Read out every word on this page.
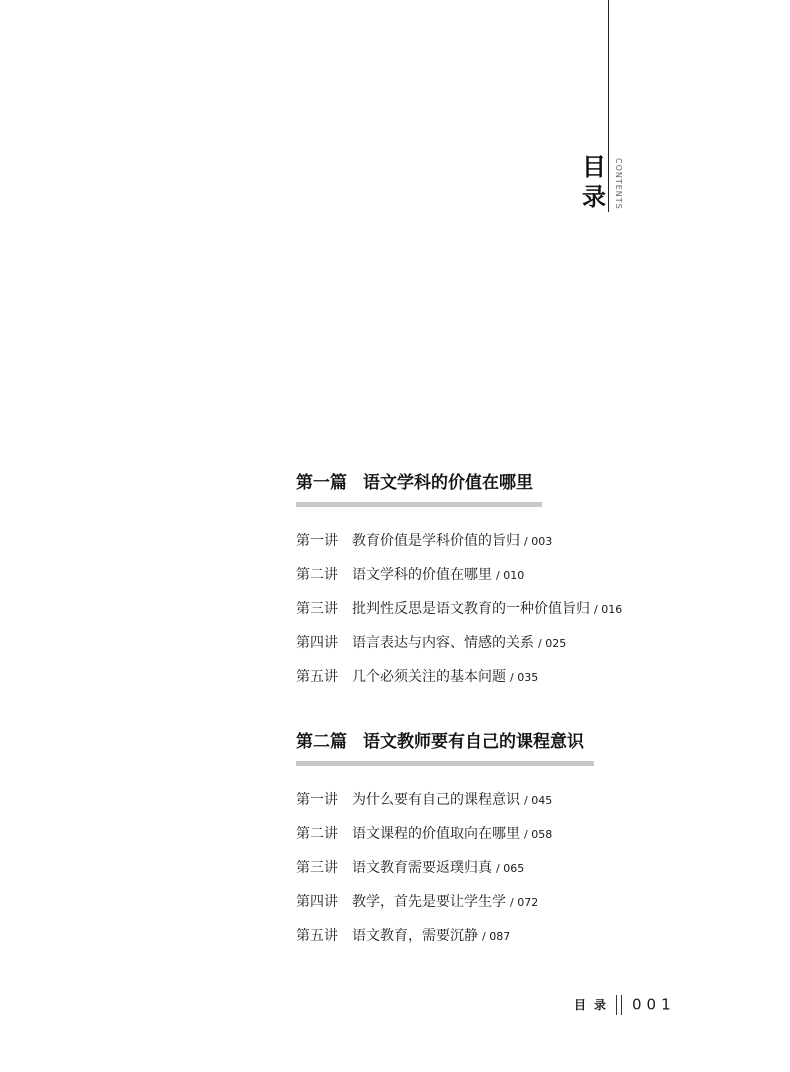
目
录	CONTENTS
第一篇 语文学科的价值在哪里
第一讲 教育价值是学科价值的旨归 / 003
第二讲 语文学科的价值在哪里 / 010
第三讲 批判性反思是语文教育的一种价值旨归 / 016
第四讲 语言表达与内容、情感的关系 / 025
第五讲 几个必须关注的基本问题 / 035
第二篇 语文教师要有自己的课程意识
第一讲 为什么要有自己的课程意识 / 045
第二讲 语文课程的价值取向在哪里 / 058
第三讲 语文教育需要返璞归真 / 065
第四讲 教学，首先是要让学生学 / 072
第五讲 语文教育，需要沉静 / 087
目录 001
